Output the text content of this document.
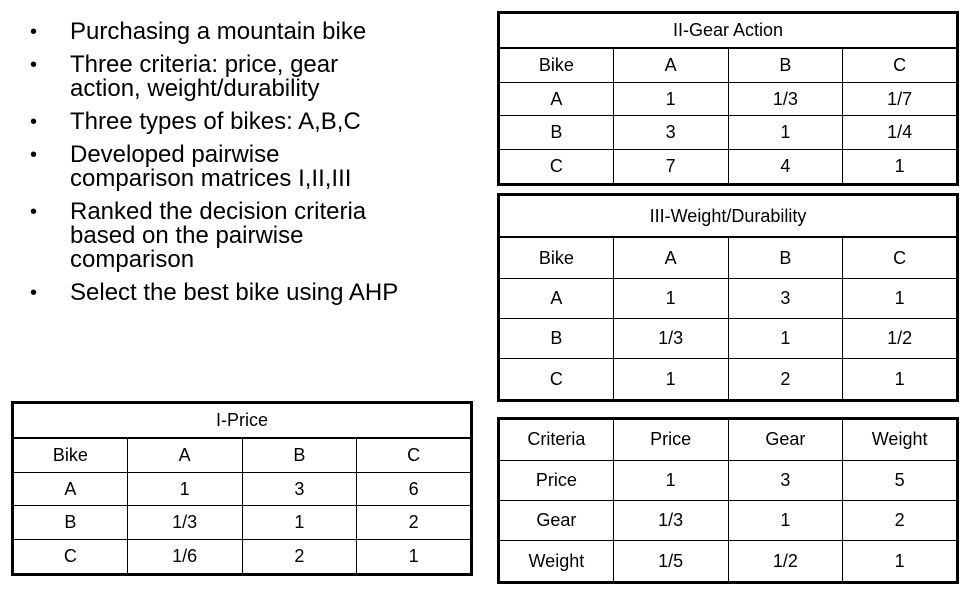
•	Purchasing a mountain bike
•	Three criteria: price, gear action, weight/durability
•	Three types of bikes: A,B,C
•	Developed pairwise comparison matrices I,II,III
•	Ranked the decision criteria based on the pairwise comparison
•	Select the best bike using AHP
II-Gear Action			
Bike	A	B	C
A	1	1/3	1/7
B	3	1	1/4
C	7	4	1
III-Weight/Durability			
Bike	A	B	C
A	1	3	1
B	1/3	1	1/2
C	1	2	1
I-Price			
Bike	A	B	C
A	1	3	6
B	1/3	1	2
C	1/6	2	1
Criteria	Price	Gear	Weight
Price	1	3	5
Gear	1/3	1	2
Weight	1/5	1/2	1
